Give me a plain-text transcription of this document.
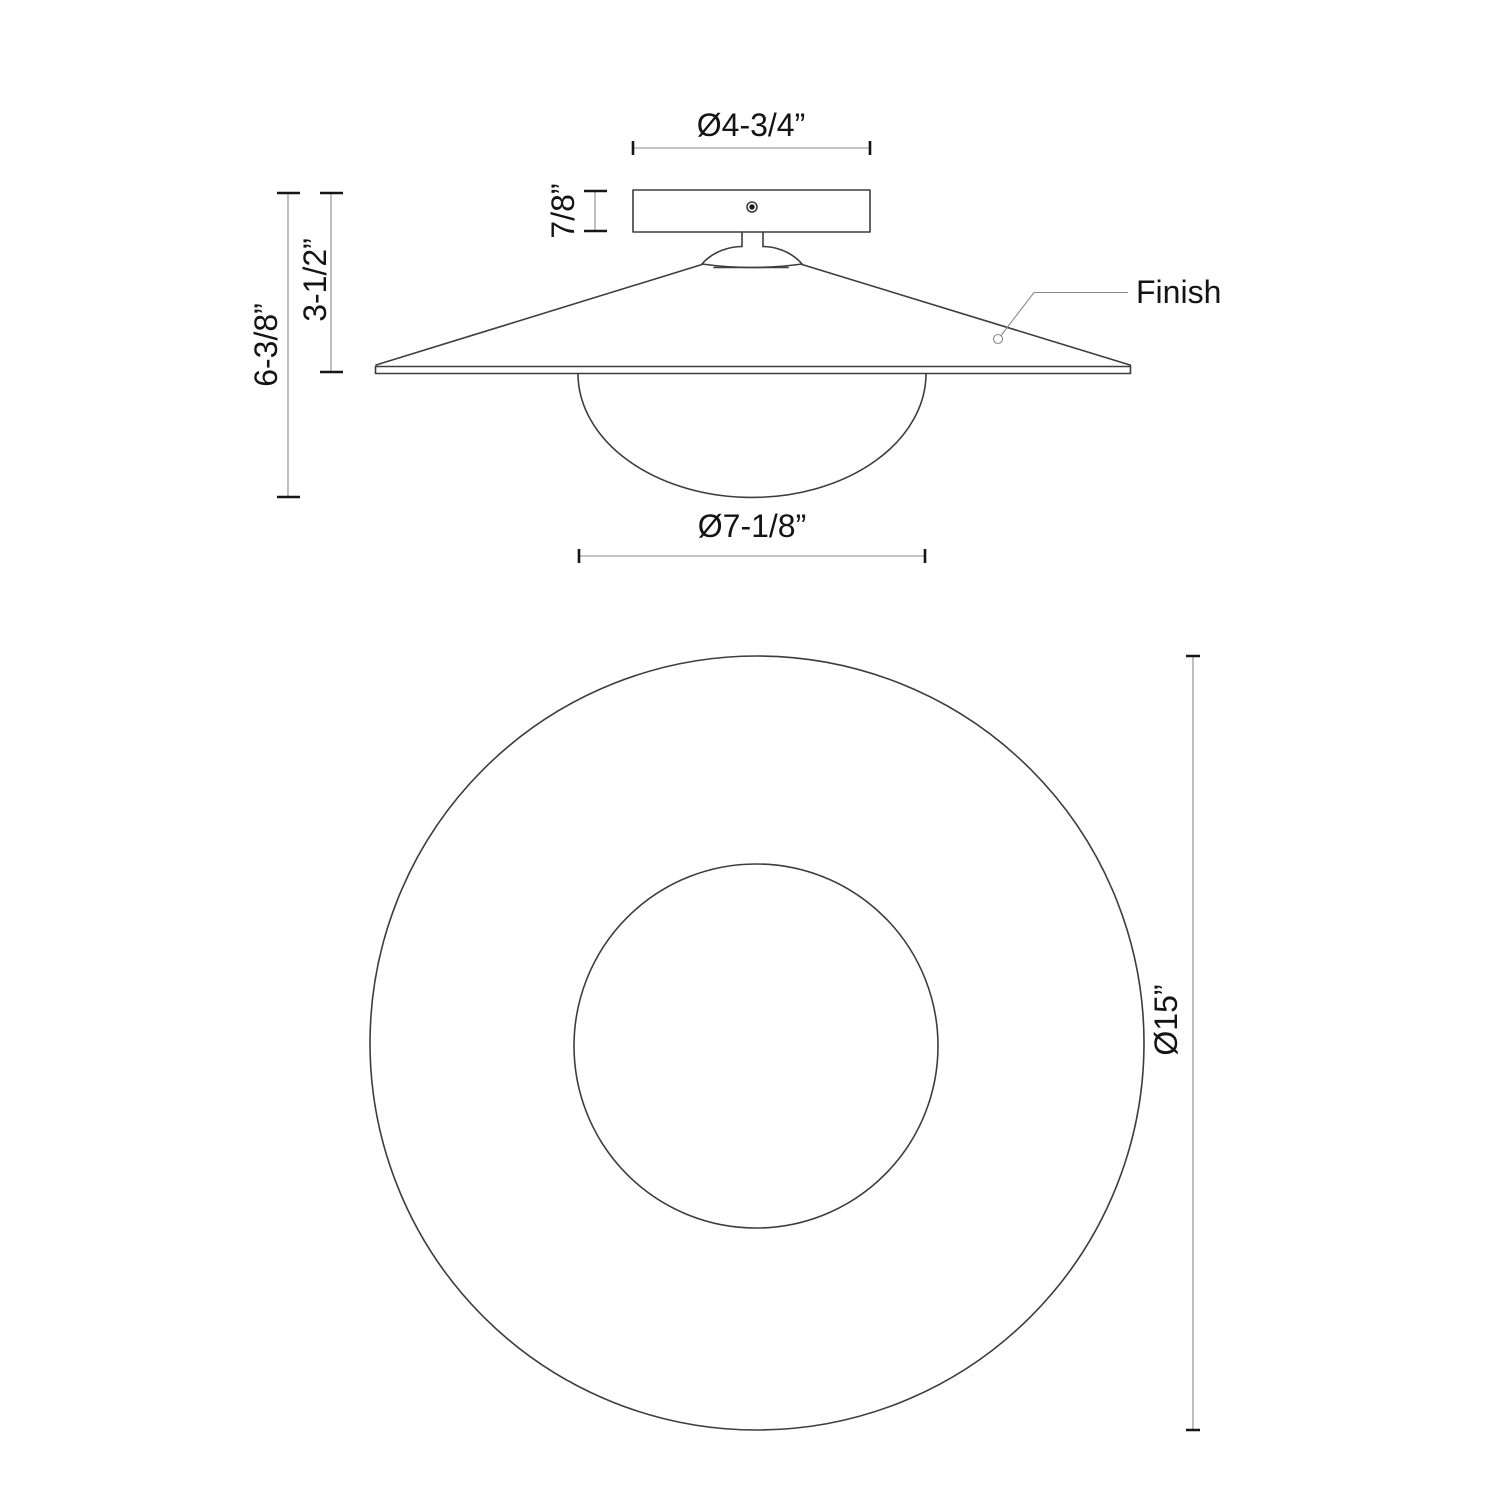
Ø4-3/4”
7/8”
3-1/2”
6-3/8”
Ø7-1/8”
Finish
Ø15”
